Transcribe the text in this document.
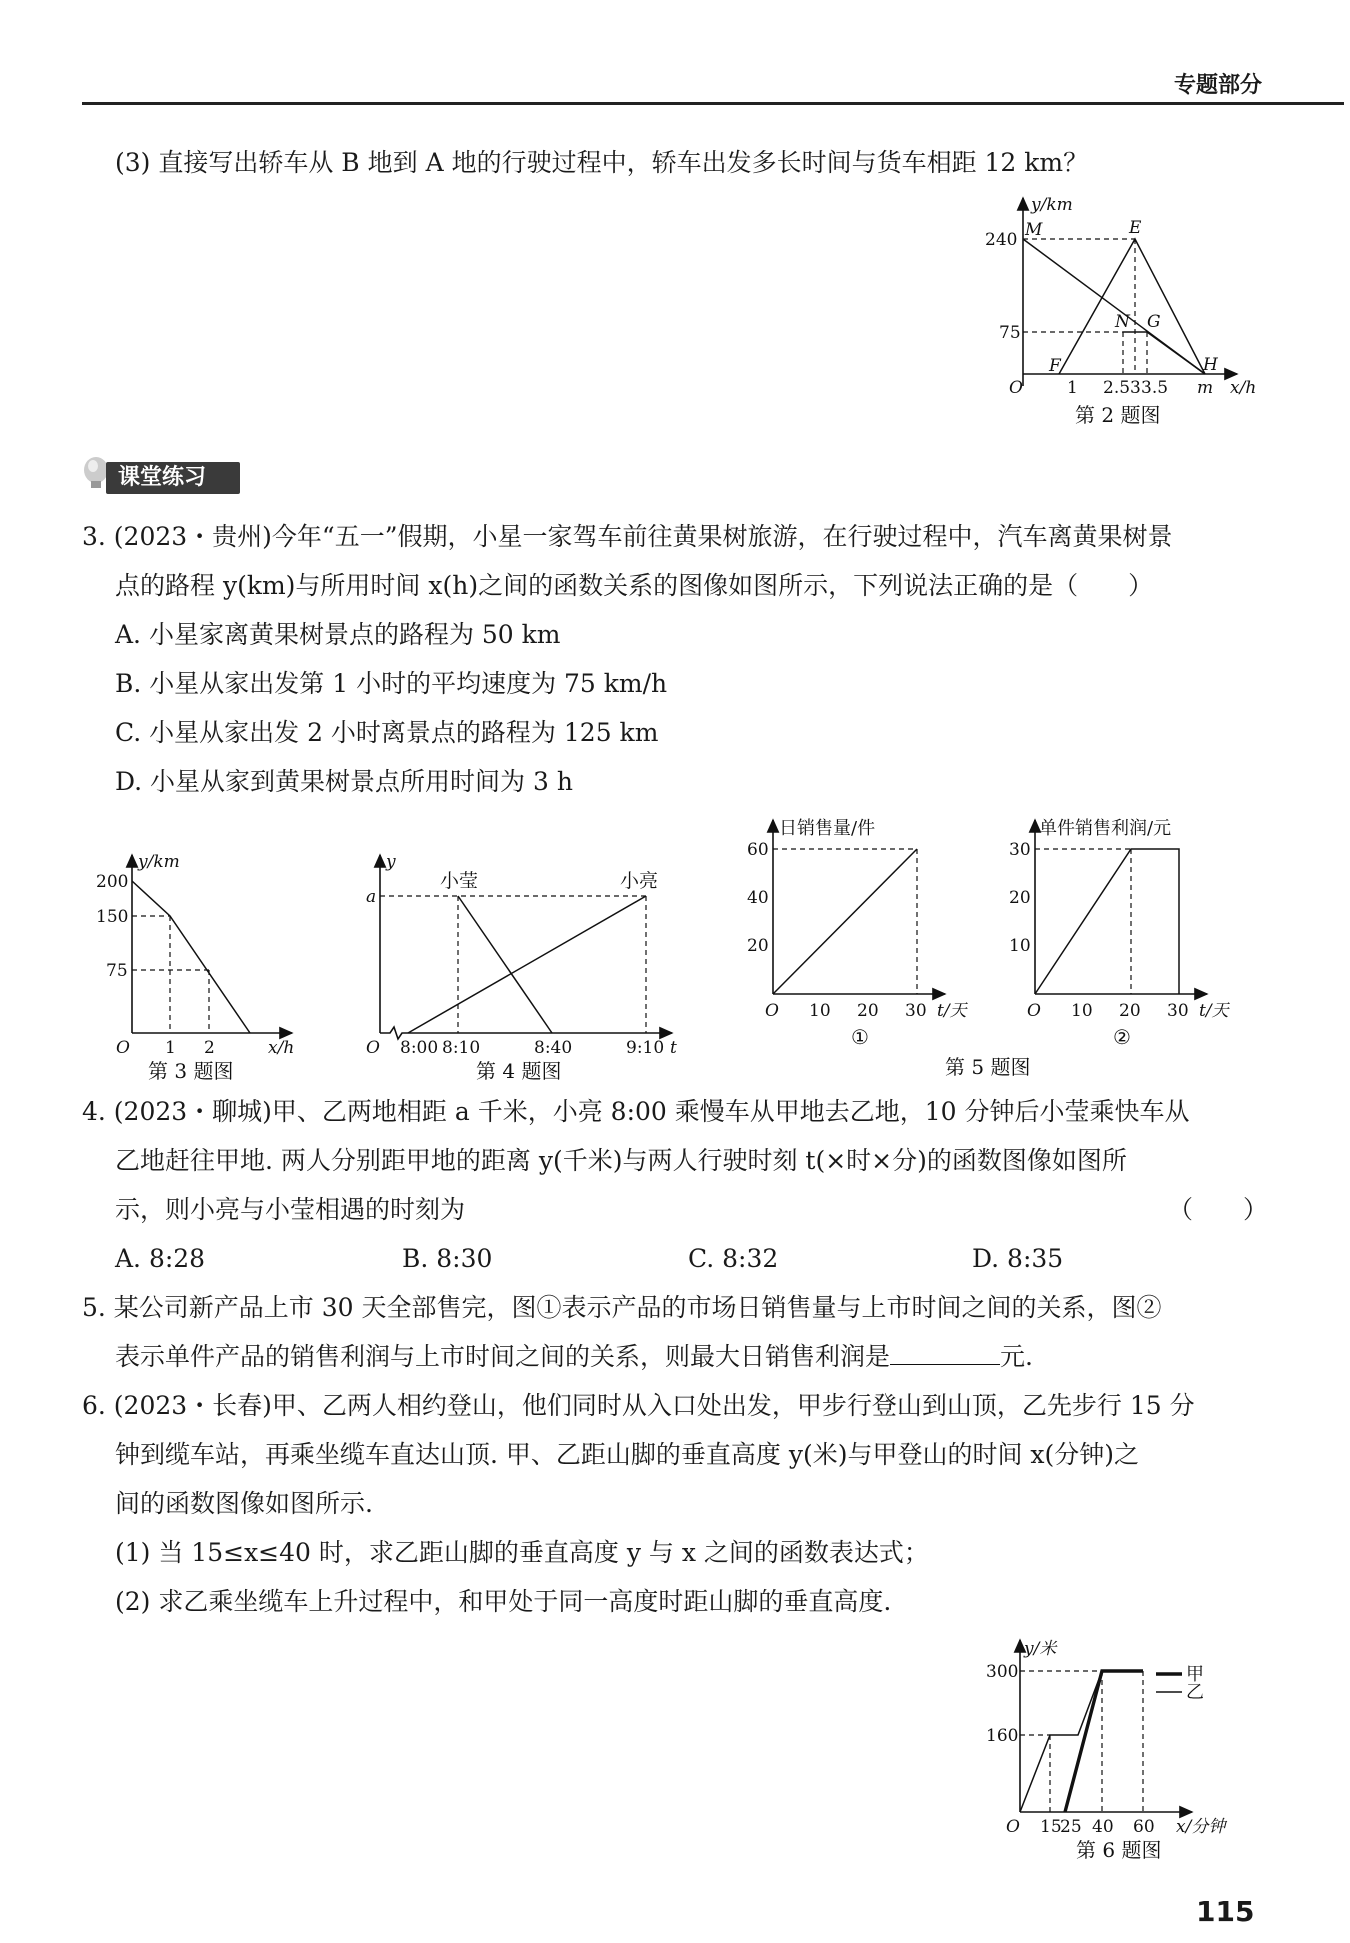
专题部分
(3) 直接写出轿车从 B 地到 A 地的行驶过程中，轿车出发多长时间与货车相距 12 km？
y/km
240
75
O	1 2.5 3 3.5 m x/h
M	E
N G
F	H
第 2 题图
课堂练习
3. (2023・贵州)今年“五一”假期，小星一家驾车前往黄果树旅游，在行驶过程中，汽车离黄果树景
点的路程 y(km)与所用时间 x(h)之间的函数关系的图像如图所示，下列说法正确的是（　　）
A. 小星家离黄果树景点的路程为 50 km
B. 小星从家出发第 1 小时的平均速度为 75 km/h
C. 小星从家出发 2 小时离景点的路程为 125 km
D. 小星从家到黄果树景点所用时间为 3 h
y/km
200
150
75
O 1 2	x/h
第 3 题图
y
a
小莹	小亮
O 8:00 8:10	8:40	9:10 t
第 4 题图
日销售量/件
60
40
20
O 10 20 30 t/天
①
单件销售利润/元
30
20
10
O 10 20 30 t/天
②
第 5 题图
4. (2023・聊城)甲、乙两地相距 a 千米，小亮 8:00 乘慢车从甲地去乙地，10 分钟后小莹乘快车从
乙地赶往甲地. 两人分别距甲地的距离 y(千米)与两人行驶时刻 t(×时×分)的函数图像如图所
示，则小亮与小莹相遇的时刻为	（　　）
A. 8:28	B. 8:30	C. 8:32	D. 8:35
5. 某公司新产品上市 30 天全部售完，图①表示产品的市场日销售量与上市时间之间的关系，图②
表示单件产品的销售利润与上市时间之间的关系，则最大日销售利润是	元.
6. (2023・长春)甲、乙两人相约登山，他们同时从入口处出发，甲步行登山到山顶，乙先步行 15 分
钟到缆车站，再乘坐缆车直达山顶. 甲、乙距山脚的垂直高度 y(米)与甲登山的时间 x(分钟)之
间的函数图像如图所示.
(1) 当 15≤x≤40 时，求乙距山脚的垂直高度 y 与 x 之间的函数表达式；
(2) 求乙乘坐缆车上升过程中，和甲处于同一高度时距山脚的垂直高度.
甲
乙
y/米
300
160
O 15
25 40 60 x/分钟
第 6 题图
115
